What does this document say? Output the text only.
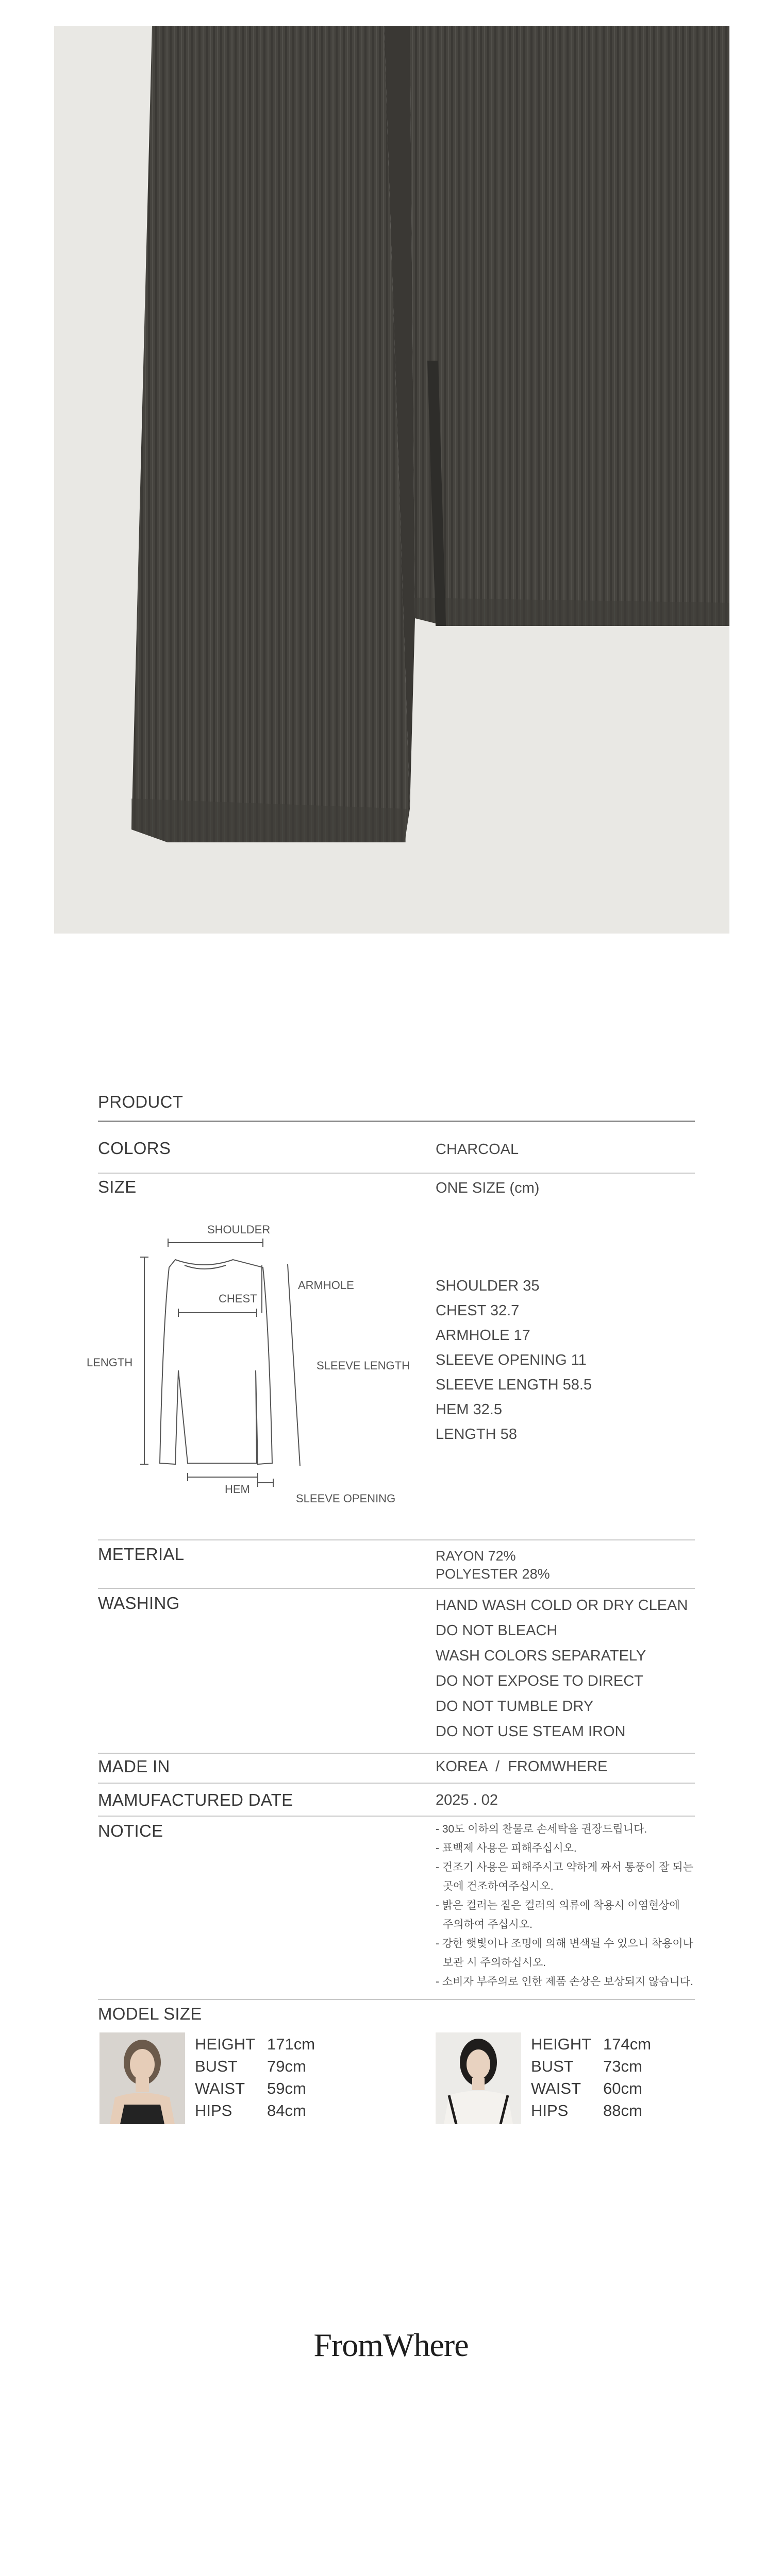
PRODUCT
COLORS	CHARCOAL
SIZE	ONE SIZE (cm)
SHOULDER
CHEST
ARMHOLE
LENGTH	SLEEVE LENGTH
HEM
SLEEVE OPENING
SHOULDER 35
CHEST 32.7
ARMHOLE 17
SLEEVE OPENING 11
SLEEVE LENGTH 58.5
HEM 32.5
LENGTH 58
METERIAL	RAYON 72%
POLYESTER 28%
WASHING	HAND WASH COLD OR DRY CLEAN
DO NOT BLEACH
WASH COLORS SEPARATELY
DO NOT EXPOSE TO DIRECT
DO NOT TUMBLE DRY
DO NOT USE STEAM IRON
MADE IN	KOREA  /  FROMWHERE
MAMUFACTURED DATE	2025 . 02
NOTICE	- 30도 이하의 찬물로 손세탁을 권장드립니다.
- 표백제 사용은 피해주십시오.
- 건조기 사용은 피해주시고 약하게 짜서 통풍이 잘 되는
곳에 건조하여주십시오.
- 밝은 컬러는 짙은 컬러의 의류에 착용시 이염현상에
주의하여 주십시오.
- 강한 햇빛이나 조명에 의해 변색될 수 있으니 착용이나
보관 시 주의하십시오.
- 소비자 부주의로 인한 제품 손상은 보상되지 않습니다.
MODEL SIZE
HEIGHT 171cm
BUST	79cm
WAIST	59cm
HIPS	84cm
HEIGHT 174cm
BUST	73cm
WAIST	60cm
HIPS	88cm
FromWhere
